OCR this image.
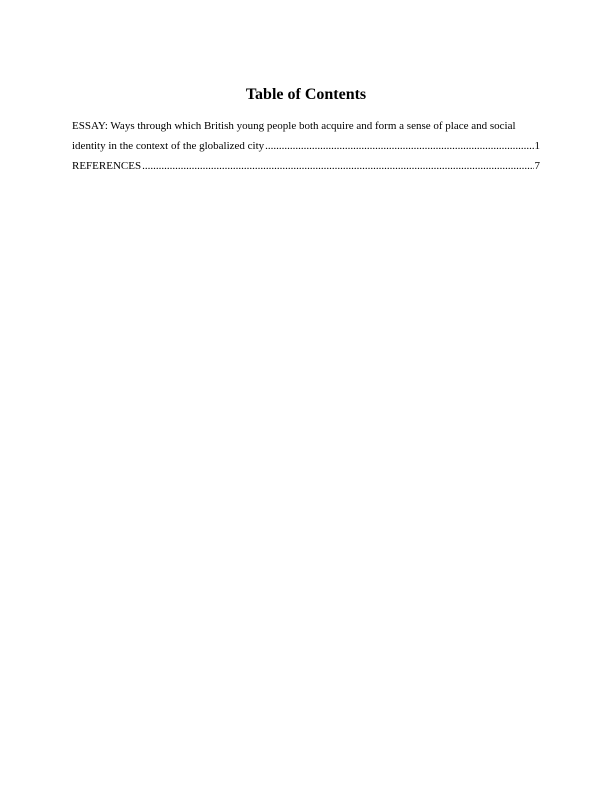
Table of Contents
ESSAY: Ways through which British young people both acquire and form a sense of place and social
identity in the context of the globalized city .....	1
REFERENCES .....	7
